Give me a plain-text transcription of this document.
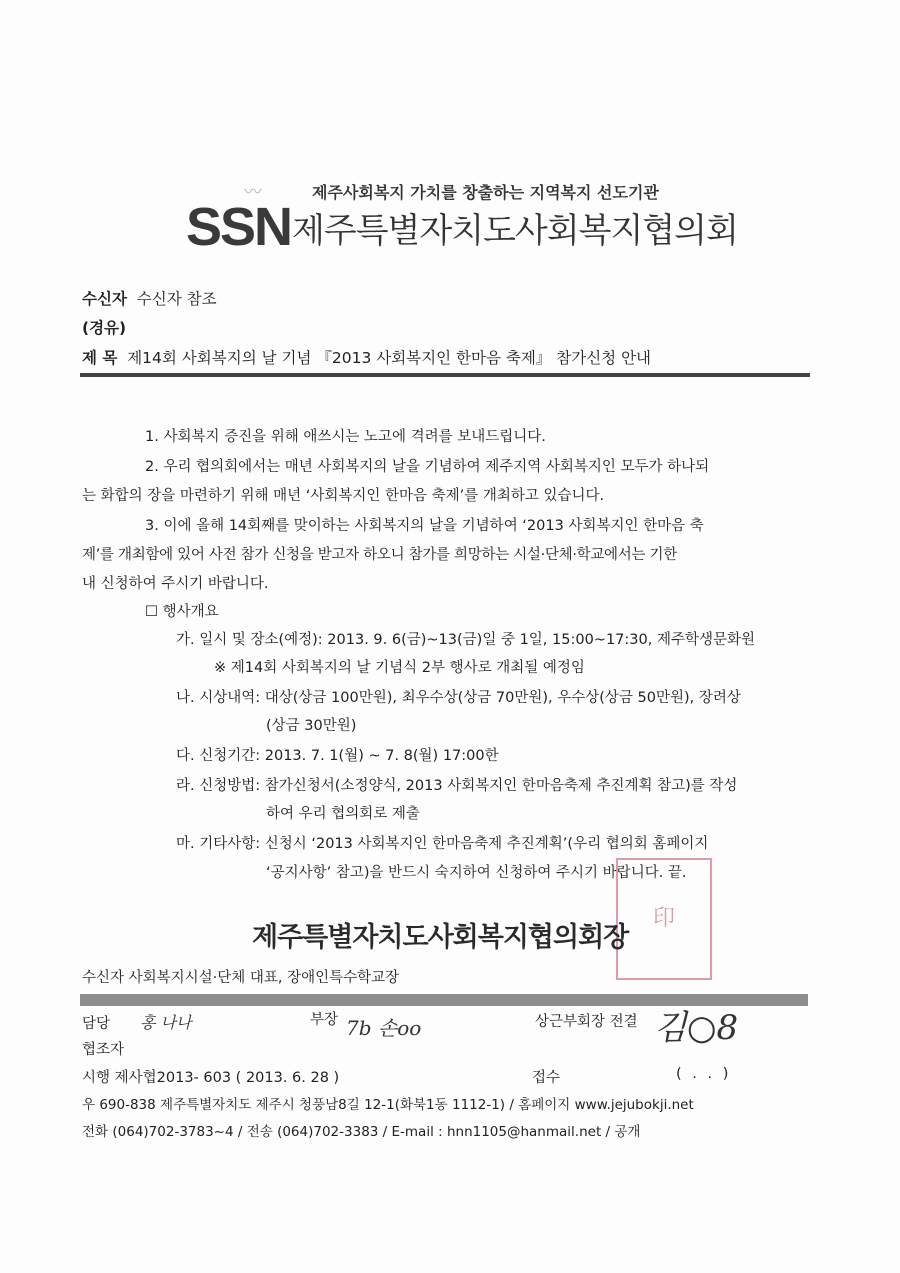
〰	제주사회복지 가치를 창출하는 지역복지 선도기관
SSN 제주특별자치도사회복지협의회
수신자 수신자 참조
(경유)
제 목 제14회 사회복지의 날 기념 『2013 사회복지인 한마음 축제』 참가신청 안내
1. 사회복지 증진을 위해 애쓰시는 노고에 격려를 보내드립니다.
2. 우리 협의회에서는 매년 사회복지의 날을 기념하여 제주지역 사회복지인 모두가 하나되
는 화합의 장을 마련하기 위해 매년 ‘사회복지인 한마음 축제’를 개최하고 있습니다.
3. 이에 올해 14회째를 맞이하는 사회복지의 날을 기념하여 ‘2013 사회복지인 한마음 축
제’를 개최함에 있어 사전 참가 신청을 받고자 하오니 참가를 희망하는 시설·단체·학교에서는 기한
내 신청하여 주시기 바랍니다.
☐ 행사개요
가. 일시 및 장소(예정): 2013. 9. 6(금)~13(금)일 중 1일, 15:00~17:30, 제주학생문화원
※ 제14회 사회복지의 날 기념식 2부 행사로 개최될 예정임
나. 시상내역: 대상(상금 100만원), 최우수상(상금 70만원), 우수상(상금 50만원), 장려상
(상금 30만원)
다. 신청기간: 2013. 7. 1(월) ~ 7. 8(월) 17:00한
라. 신청방법: 참가신청서(소정양식, 2013 사회복지인 한마음축제 추진계획 참고)를 작성
하여 우리 협의회로 제출
마. 기타사항: 신청시 ‘2013 사회복지인 한마음축제 추진계획’(우리 협의회 홈페이지
‘공지사항’ 참고)을 반드시 숙지하여 신청하여 주시기 바랍니다. 끝.
印
제주특별자치도사회복지협의회장
수신자 사회복지시설·단체 대표, 장애인특수학교장
담당 홍 나나	부장 7b 손oo	상근부회장 전결 김○8
협조자
시행 제사협2013- 603 ( 2013. 6. 28 )	접수	( . . )
우 690-838 제주특별자치도 제주시 청풍남8길 12-1(화북1동 1112-1) / 홈페이지 www.jejubokji.net
전화 (064)702-3783~4 / 전송 (064)702-3383 / E-mail : hnn1105@hanmail.net / 공개
